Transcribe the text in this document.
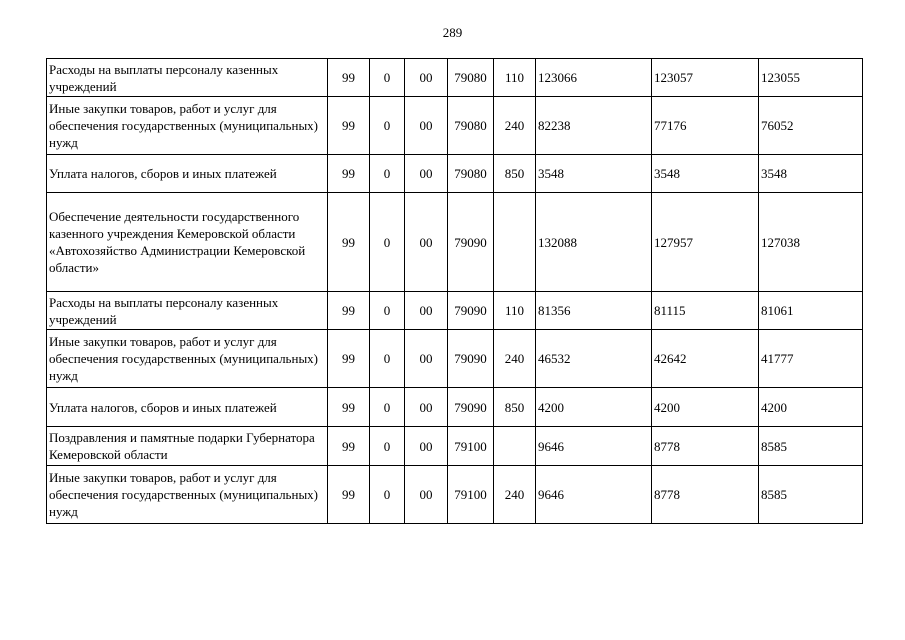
289
Расходы на выплаты персоналу казенных учреждений	99	0	00	79080	110	123066	123057	123055
Иные закупки товаров, работ и услуг для обеспечения государственных (муниципальных) нужд	99	0	00	79080	240	82238	77176	76052
Уплата налогов, сборов и иных платежей	99	0	00	79080	850	3548	3548	3548
Обеспечение деятельности государственного казенного учреждения Кемеровской области «Автохозяйство Администрации Кемеровской области»	99	0	00	79090		132088	127957	127038
Расходы на выплаты персоналу казенных учреждений	99	0	00	79090	110	81356	81115	81061
Иные закупки товаров, работ и услуг для обеспечения государственных (муниципальных) нужд	99	0	00	79090	240	46532	42642	41777
Уплата налогов, сборов и иных платежей	99	0	00	79090	850	4200	4200	4200
Поздравления и памятные подарки Губернатора Кемеровской области	99	0	00	79100		9646	8778	8585
Иные закупки товаров, работ и услуг для обеспечения государственных (муниципальных) нужд	99	0	00	79100	240	9646	8778	8585
